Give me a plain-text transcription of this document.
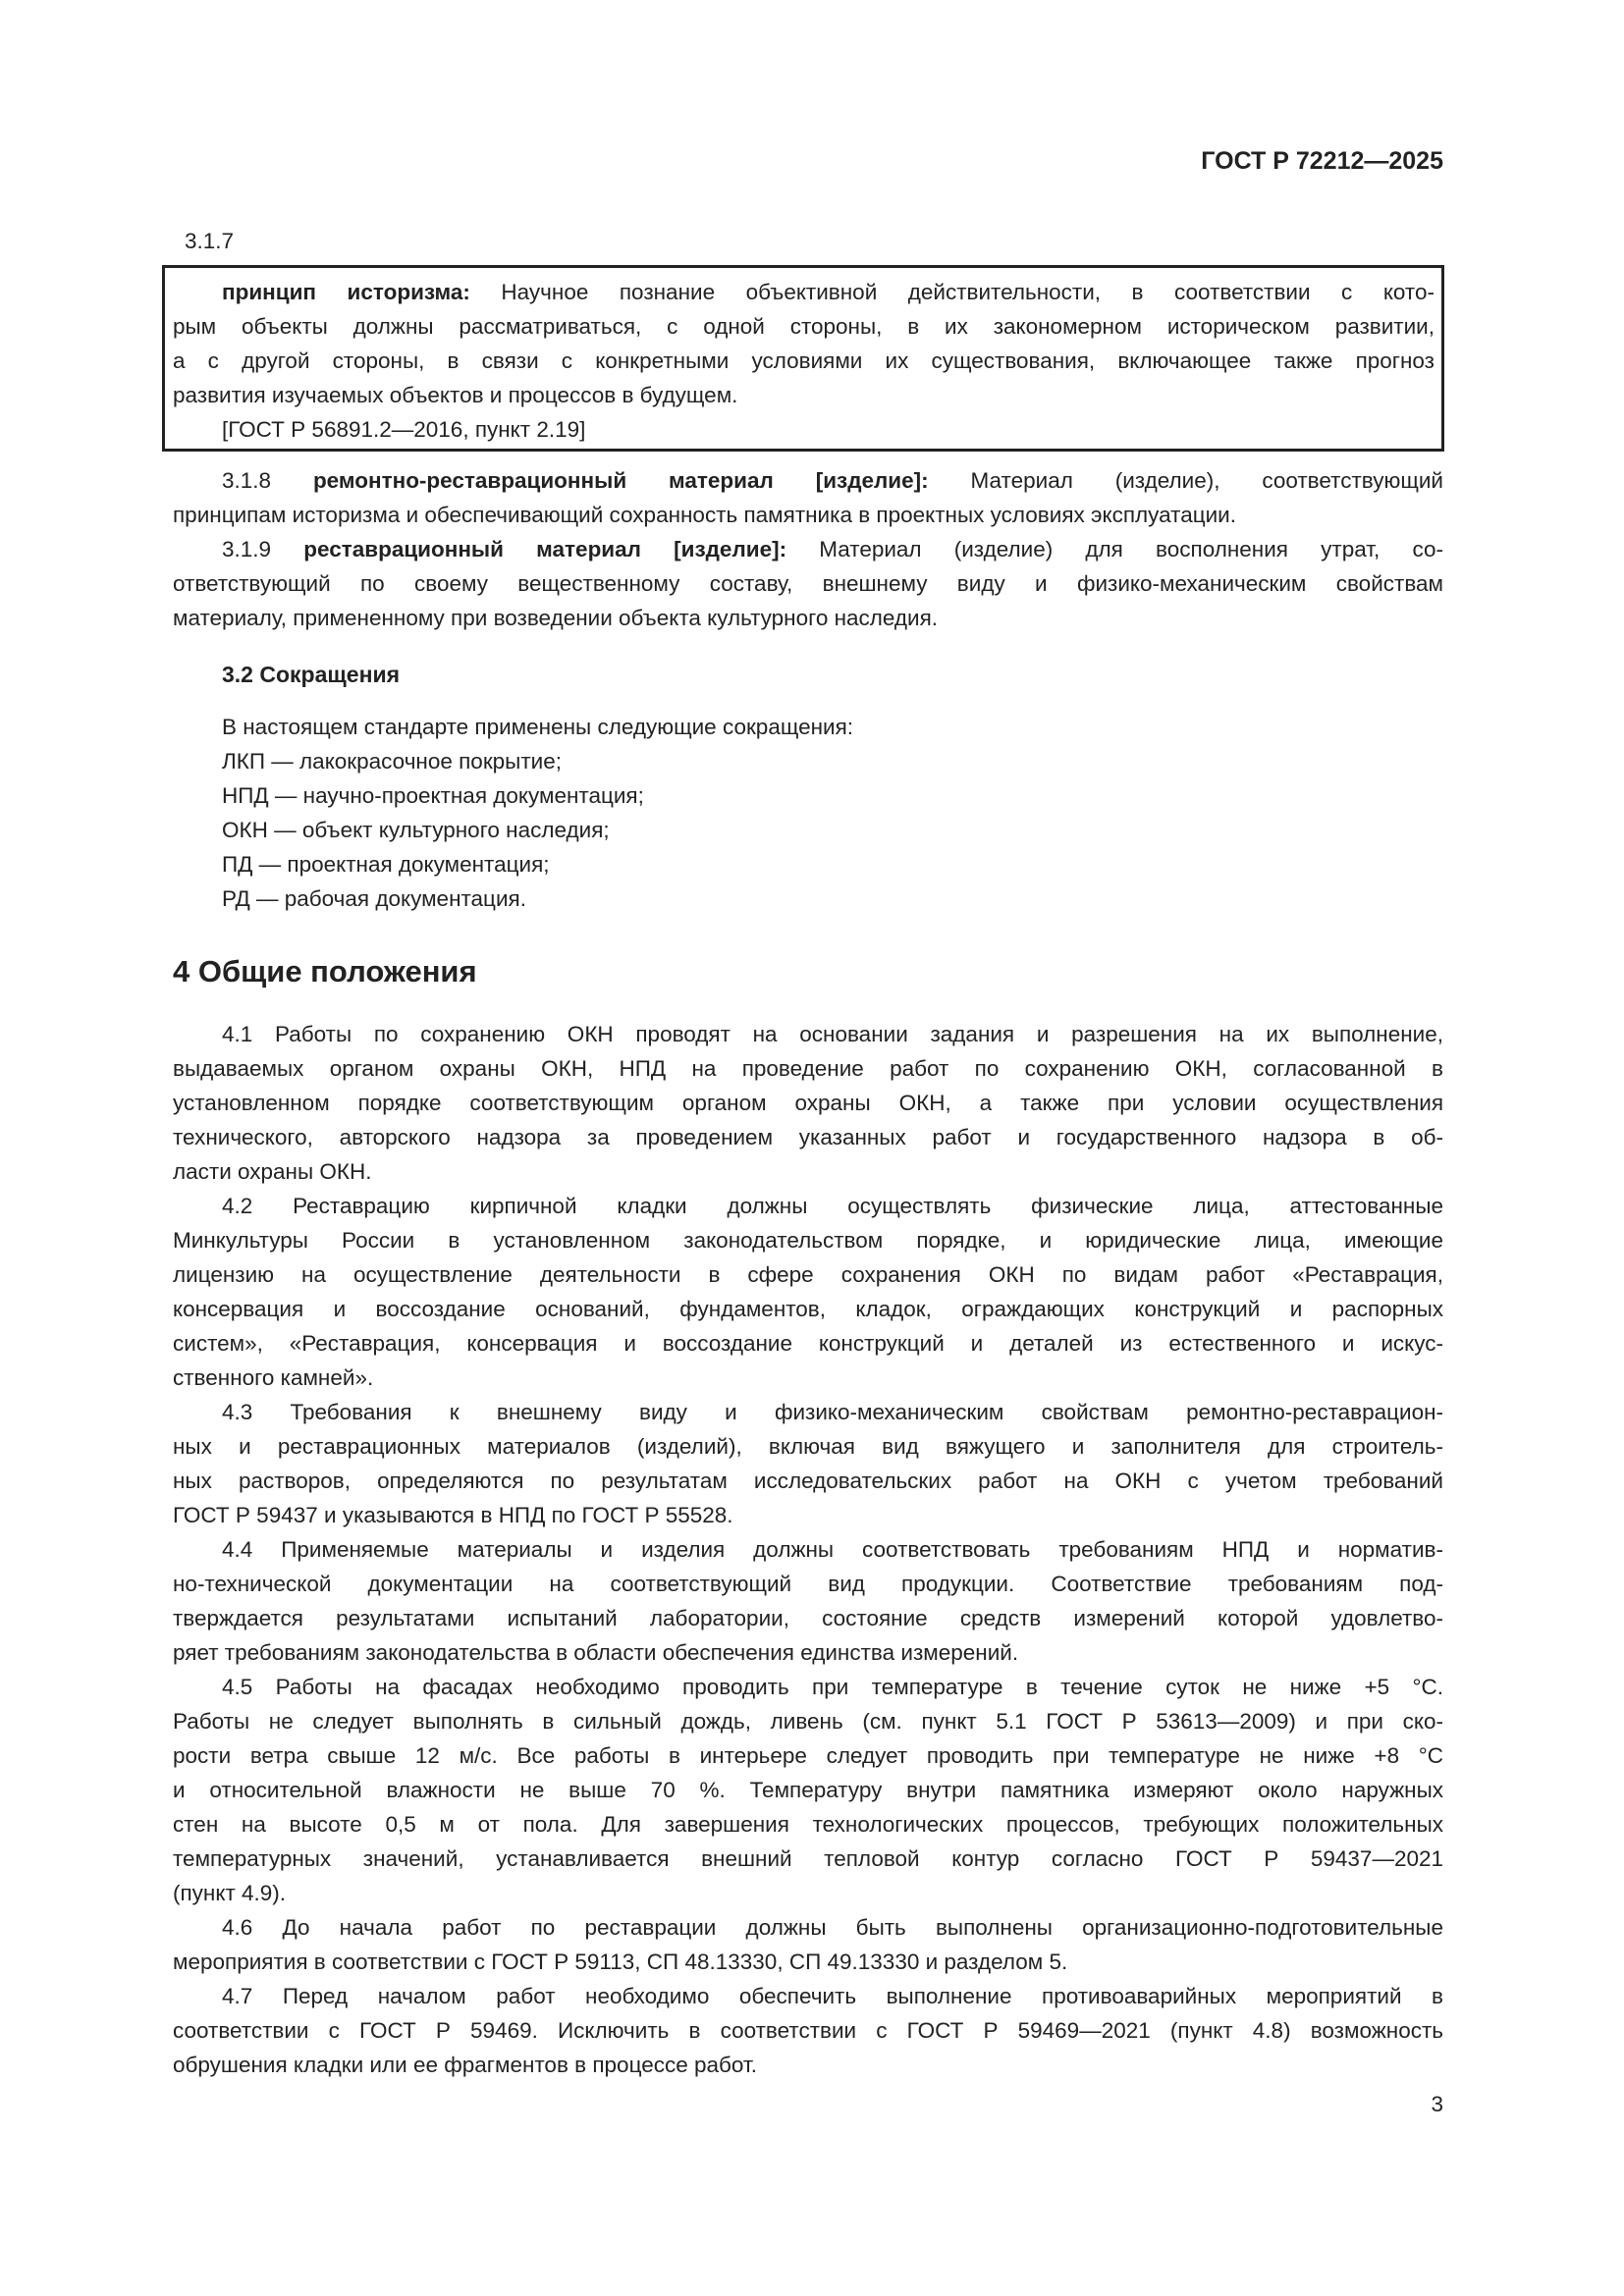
ГОСТ Р 72212—2025
3.1.7
принцип историзма: Научное познание объективной действительности, в соответствии с кото-
рым объекты должны рассматриваться, с одной стороны, в их закономерном историческом развитии,
а с другой стороны, в связи с конкретными условиями их существования, включающее также прогноз
развития изучаемых объектов и процессов в будущем.
[ГОСТ Р 56891.2—2016, пункт 2.19]
3.1.8 ремонтно-реставрационный материал [изделие]: Материал (изделие), соответствующий
принципам историзма и обеспечивающий сохранность памятника в проектных условиях эксплуатации.
3.1.9 реставрационный материал [изделие]: Материал (изделие) для восполнения утрат, со-
ответствующий по своему вещественному составу, внешнему виду и физико-механическим свойствам
материалу, примененному при возведении объекта культурного наследия.
3.2 Сокращения
В настоящем стандарте применены следующие сокращения:
ЛКП — лакокрасочное покрытие;
НПД — научно-проектная документация;
ОКН — объект культурного наследия;
ПД — проектная документация;
РД — рабочая документация.
4 Общие положения
4.1 Работы по сохранению ОКН проводят на основании задания и разрешения на их выполнение,
выдаваемых органом охраны ОКН, НПД на проведение работ по сохранению ОКН, согласованной в
установленном порядке соответствующим органом охраны ОКН, а также при условии осуществления
технического, авторского надзора за проведением указанных работ и государственного надзора в об-
ласти охраны ОКН.
4.2 Реставрацию кирпичной кладки должны осуществлять физические лица, аттестованные
Минкультуры России в установленном законодательством порядке, и юридические лица, имеющие
лицензию на осуществление деятельности в сфере сохранения ОКН по видам работ «Реставрация,
консервация и воссоздание оснований, фундаментов, кладок, ограждающих конструкций и распорных
систем», «Реставрация, консервация и воссоздание конструкций и деталей из естественного и искус-
ственного камней».
4.3 Требования к внешнему виду и физико-механическим свойствам ремонтно-реставрацион-
ных и реставрационных материалов (изделий), включая вид вяжущего и заполнителя для строитель-
ных растворов, определяются по результатам исследовательских работ на ОКН с учетом требований
ГОСТ Р 59437 и указываются в НПД по ГОСТ Р 55528.
4.4 Применяемые материалы и изделия должны соответствовать требованиям НПД и норматив-
но-технической документации на соответствующий вид продукции. Соответствие требованиям под-
тверждается результатами испытаний лаборатории, состояние средств измерений которой удовлетво-
ряет требованиям законодательства в области обеспечения единства измерений.
4.5 Работы на фасадах необходимо проводить при температуре в течение суток не ниже +5 °С.
Работы не следует выполнять в сильный дождь, ливень (см. пункт 5.1 ГОСТ Р 53613—2009) и при ско-
рости ветра свыше 12 м/с. Все работы в интерьере следует проводить при температуре не ниже +8 °С
и относительной влажности не выше 70 %. Температуру внутри памятника измеряют около наружных
стен на высоте 0,5 м от пола. Для завершения технологических процессов, требующих положительных
температурных значений, устанавливается внешний тепловой контур согласно ГОСТ Р 59437—2021
(пункт 4.9).
4.6 До начала работ по реставрации должны быть выполнены организационно-подготовительные
мероприятия в соответствии с ГОСТ Р 59113, СП 48.13330, СП 49.13330 и разделом 5.
4.7 Перед началом работ необходимо обеспечить выполнение противоаварийных мероприятий в
соответствии с ГОСТ Р 59469. Исключить в соответствии с ГОСТ Р 59469—2021 (пункт 4.8) возможность
обрушения кладки или ее фрагментов в процессе работ.
3
